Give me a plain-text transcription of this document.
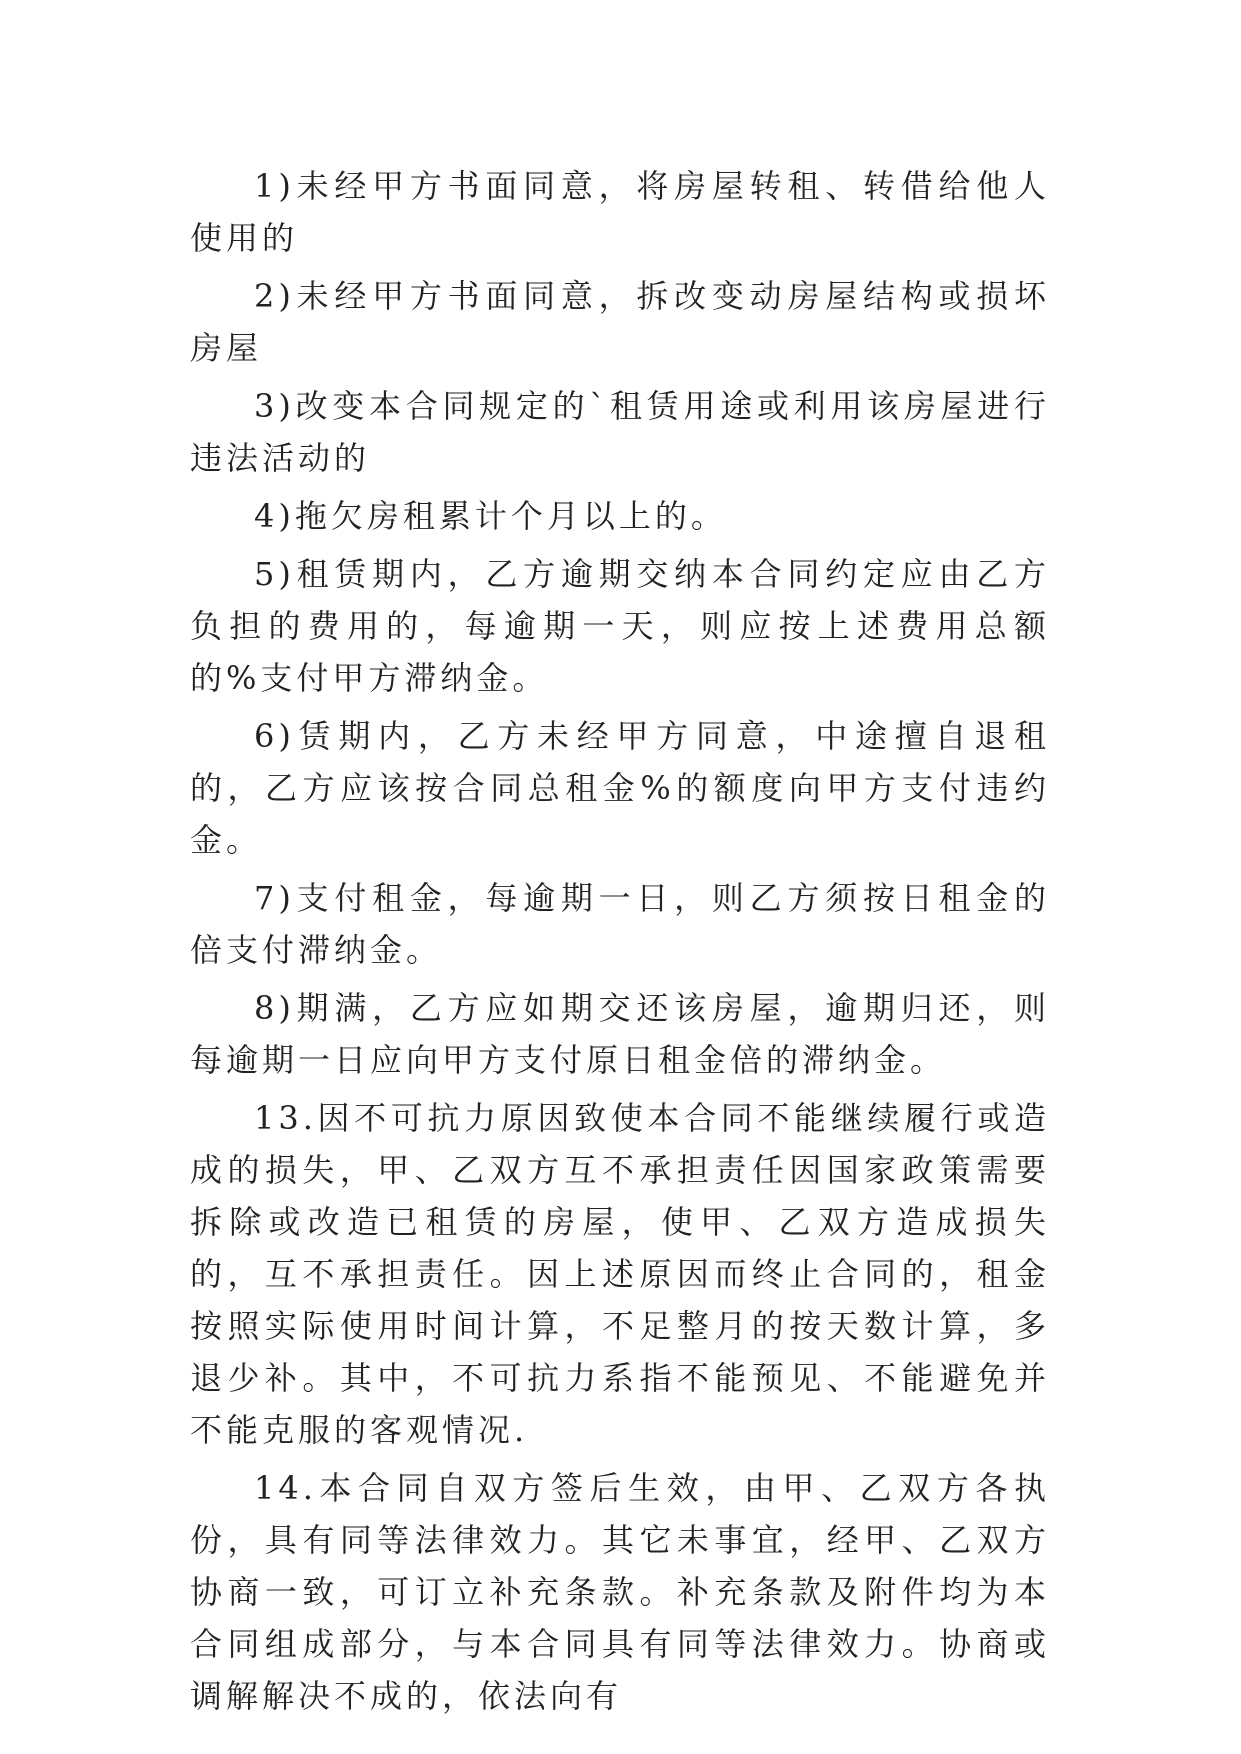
1)未经甲方书面同意，将房屋转租、转借给他人使用的

2)未经甲方书面同意，拆改变动房屋结构或损坏房屋

3)改变本合同规定的`租赁用途或利用该房屋进行违法活动的

4)拖欠房租累计个月以上的。

5)租赁期内，乙方逾期交纳本合同约定应由乙方负担的费用的，每逾期一天，则应按上述费用总额的%支付甲方滞纳金。

6)赁期内，乙方未经甲方同意，中途擅自退租的，乙方应该按合同总租金%的额度向甲方支付违约金。

7)支付租金，每逾期一日，则乙方须按日租金的倍支付滞纳金。

8)期满，乙方应如期交还该房屋，逾期归还，则每逾期一日应向甲方支付原日租金倍的滞纳金。

13.因不可抗力原因致使本合同不能继续履行或造成的损失，甲、乙双方互不承担责任因国家政策需要拆除或改造已租赁的房屋，使甲、乙双方造成损失的，互不承担责任。因上述原因而终止合同的，租金按照实际使用时间计算，不足整月的按天数计算，多退少补。其中，不可抗力系指不能预见、不能避免并不能克服的客观情况.

14.本合同自双方签后生效，由甲、乙双方各执份，具有同等法律效力。其它未事宜，经甲、乙双方协商一致，可订立补充条款。补充条款及附件均为本合同组成部分，与本合同具有同等法律效力。协商或调解解决不成的，依法向有
